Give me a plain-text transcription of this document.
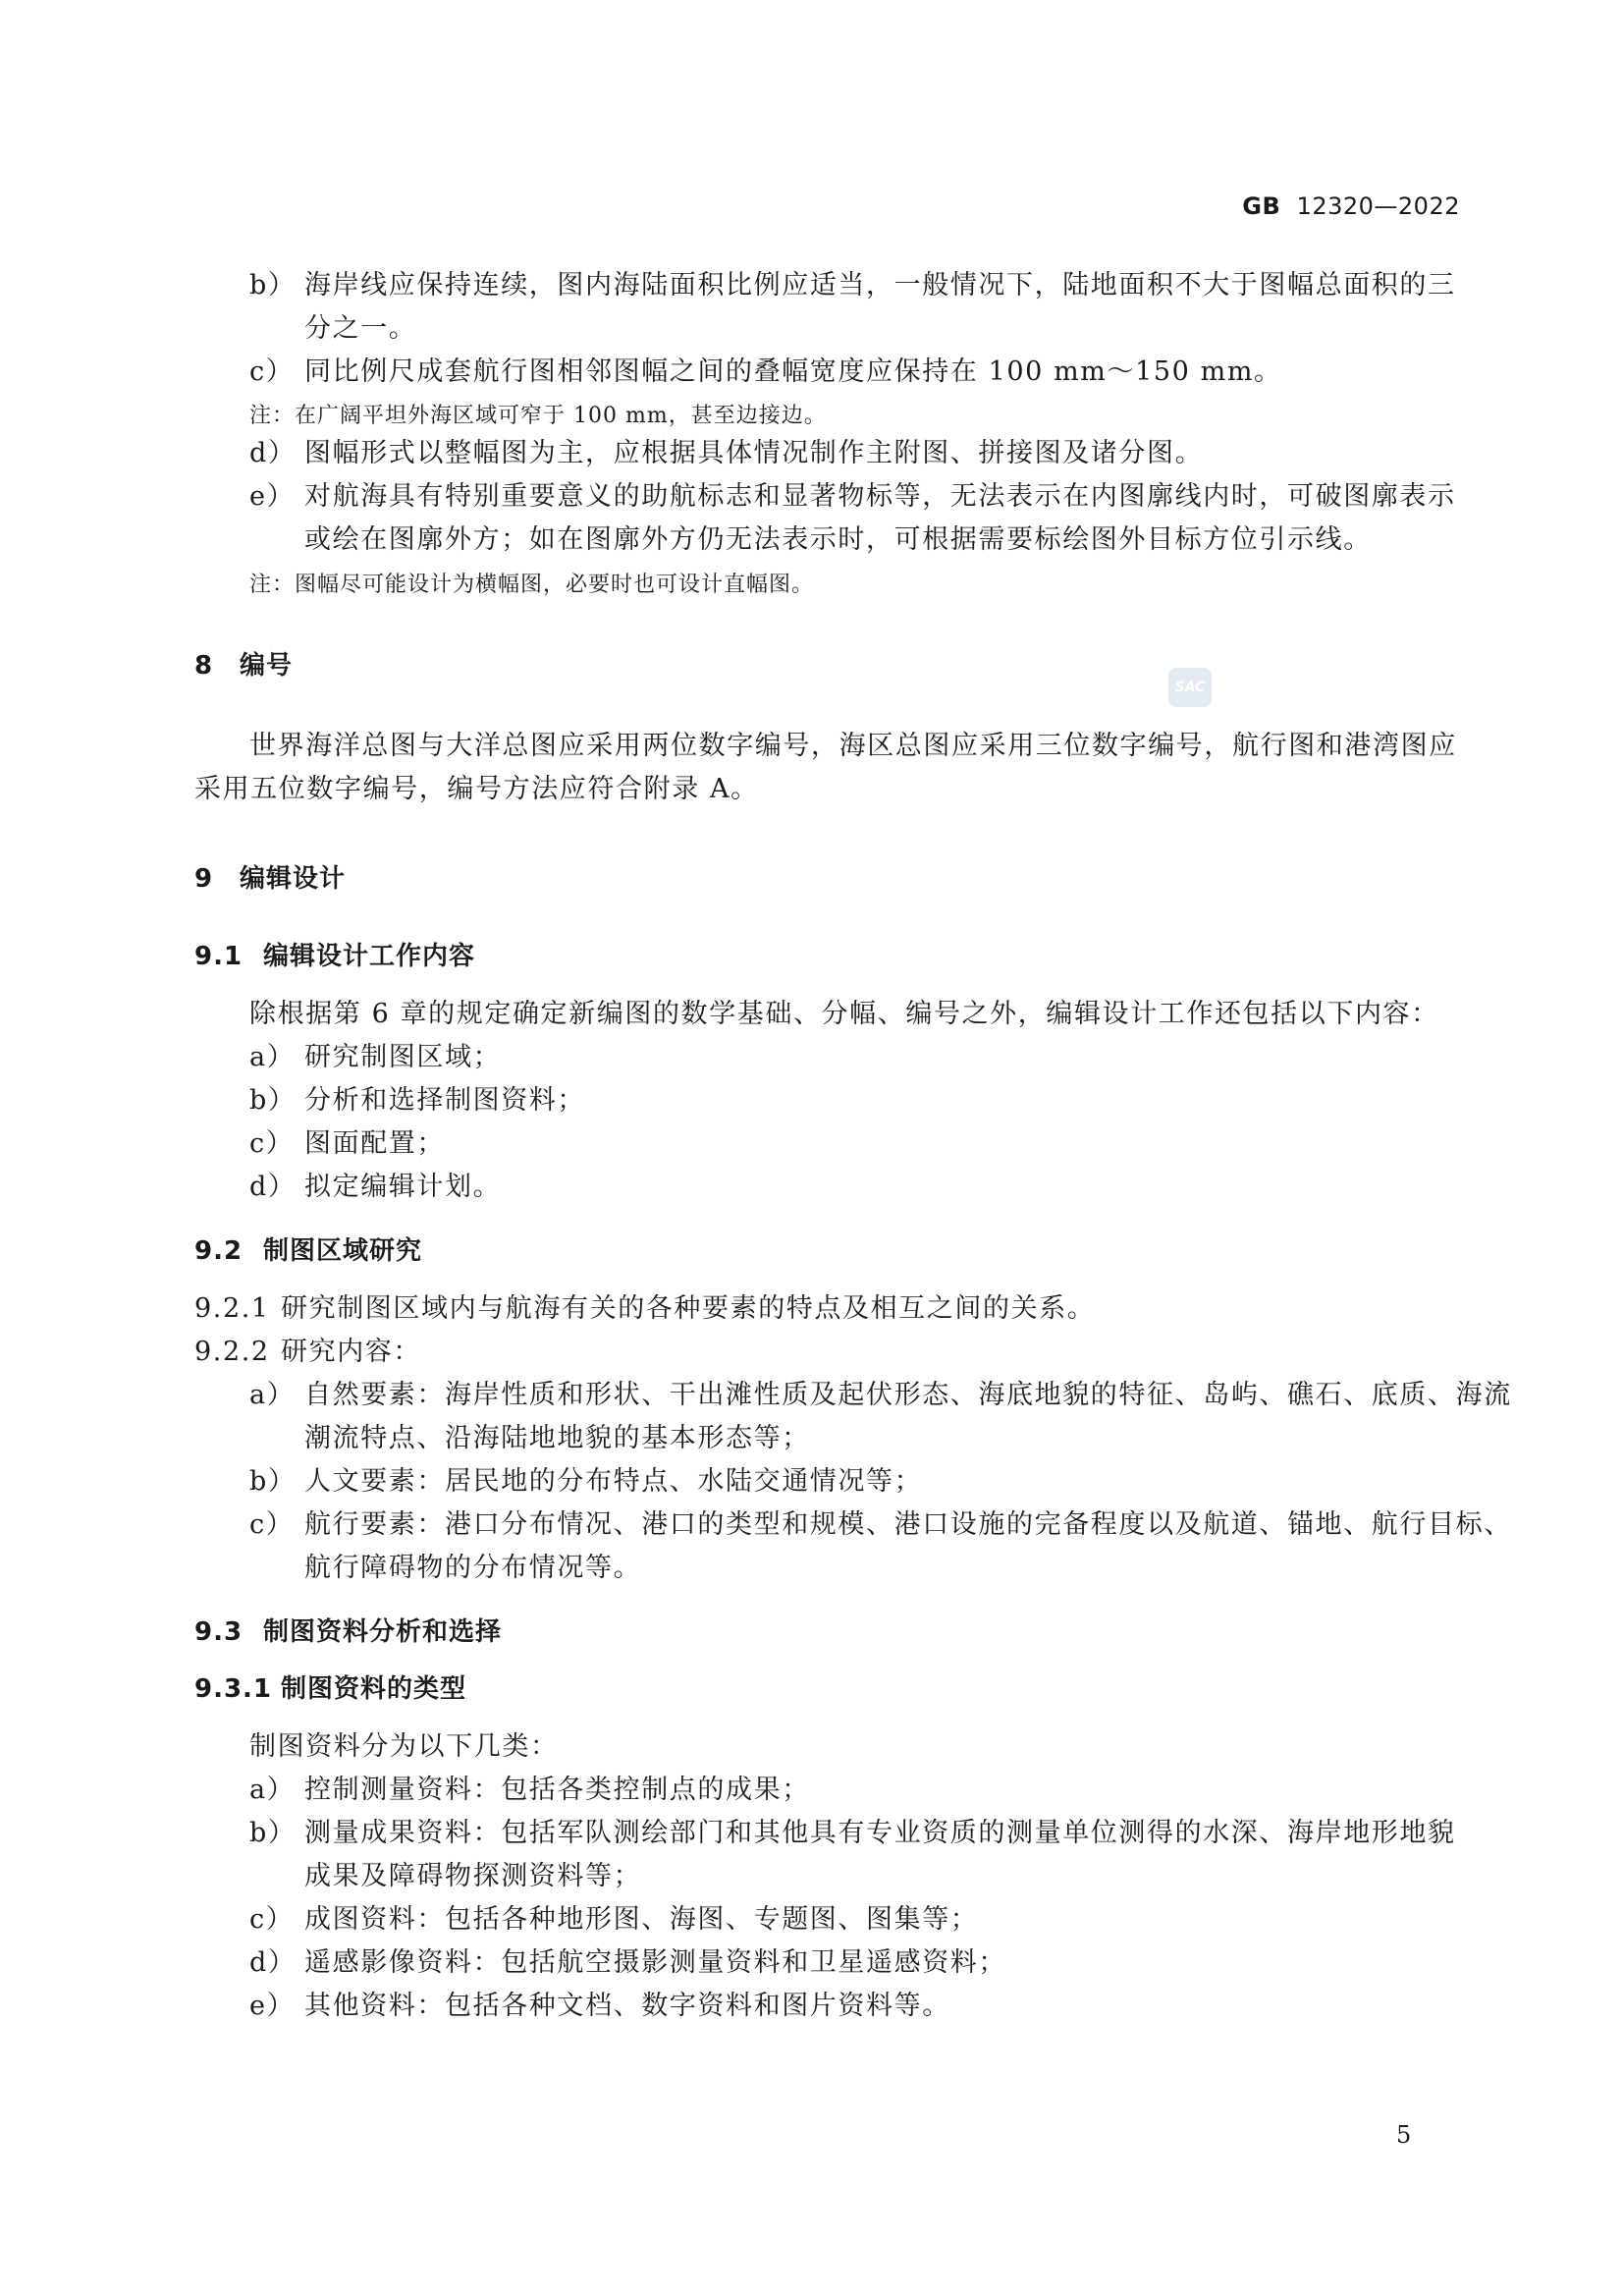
GB 12320—2022
b） 海岸线应保持连续，图内海陆面积比例应适当，一般情况下，陆地面积不大于图幅总面积的三
分之一。
c） 同比例尺成套航行图相邻图幅之间的叠幅宽度应保持在 100 mm～150 mm。
注：在广阔平坦外海区域可窄于 100 mm，甚至边接边。
d） 图幅形式以整幅图为主，应根据具体情况制作主附图、拼接图及诸分图。
e） 对航海具有特别重要意义的助航标志和显著物标等，无法表示在内图廓线内时，可破图廓表示
或绘在图廓外方；如在图廓外方仍无法表示时，可根据需要标绘图外目标方位引示线。
注：图幅尽可能设计为横幅图，必要时也可设计直幅图。
8 编号
SAC
世界海洋总图与大洋总图应采用两位数字编号，海区总图应采用三位数字编号，航行图和港湾图应
采用五位数字编号，编号方法应符合附录 A。
9 编辑设计
9.1 编辑设计工作内容
除根据第 6 章的规定确定新编图的数学基础、分幅、编号之外，编辑设计工作还包括以下内容：
a） 研究制图区域；
b） 分析和选择制图资料；
c） 图面配置；
d） 拟定编辑计划。
9.2 制图区域研究
9.2.1 研究制图区域内与航海有关的各种要素的特点及相互之间的关系。
9.2.2 研究内容：
a） 自然要素：海岸性质和形状、干出滩性质及起伏形态、海底地貌的特征、岛屿、礁石、底质、海流
潮流特点、沿海陆地地貌的基本形态等；
b） 人文要素：居民地的分布特点、水陆交通情况等；
c） 航行要素：港口分布情况、港口的类型和规模、港口设施的完备程度以及航道、锚地、航行目标、
航行障碍物的分布情况等。
9.3 制图资料分析和选择
9.3.1 制图资料的类型
制图资料分为以下几类：
a） 控制测量资料：包括各类控制点的成果；
b） 测量成果资料：包括军队测绘部门和其他具有专业资质的测量单位测得的水深、海岸地形地貌
成果及障碍物探测资料等；
c） 成图资料：包括各种地形图、海图、专题图、图集等；
d） 遥感影像资料：包括航空摄影测量资料和卫星遥感资料；
e） 其他资料：包括各种文档、数字资料和图片资料等。
5
